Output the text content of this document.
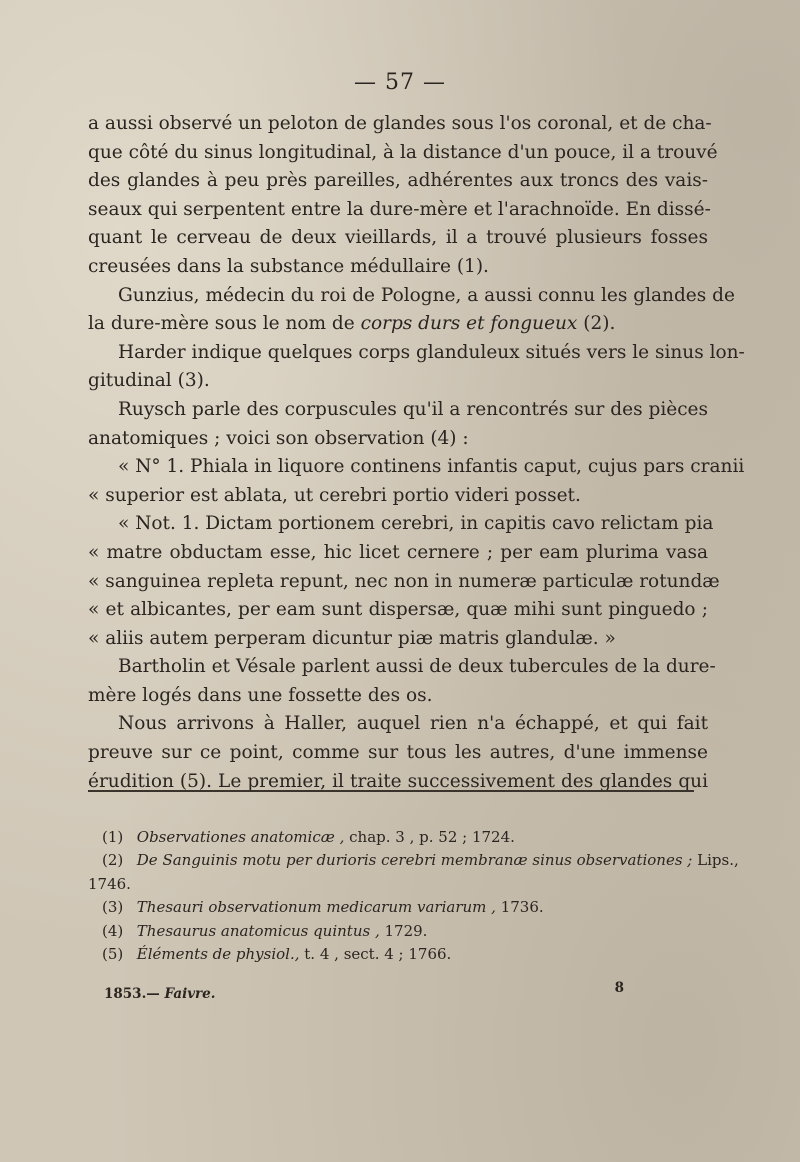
— 57 —
a aussi observé un peloton de glandes sous l'os coronal, et de cha-
que côté du sinus longitudinal, à la distance d'un pouce, il a trouvé
des glandes à peu près pareilles, adhérentes aux troncs des vais-
seaux qui serpentent entre la dure-mère et l'arachnoïde. En dissé-
quant le cerveau de deux vieillards, il a trouvé plusieurs fosses
creusées dans la substance médullaire (1).
Gunzius, médecin du roi de Pologne, a aussi connu les glandes de
la dure-mère sous le nom de corps durs et fongueux (2).
Harder indique quelques corps glanduleux situés vers le sinus lon-
gitudinal (3).
Ruysch parle des corpuscules qu'il a rencontrés sur des pièces
anatomiques ; voici son observation (4) :
« N° 1. Phiala in liquore continens infantis caput, cujus pars cranii
« superior est ablata, ut cerebri portio videri posset.
« Not. 1. Dictam portionem cerebri, in capitis cavo relictam pia
« matre obductam esse, hic licet cernere ; per eam plurima vasa
« sanguinea repleta repunt, nec non in numeræ particulæ rotundæ
« et albicantes, per eam sunt dispersæ, quæ mihi sunt pinguedo ;
« aliis autem perperam dicuntur piæ matris glandulæ. »
Bartholin et Vésale parlent aussi de deux tubercules de la dure-
mère logés dans une fossette des os.
Nous arrivons à Haller, auquel rien n'a échappé, et qui fait
preuve sur ce point, comme sur tous les autres, d'une immense
érudition (5). Le premier, il traite successivement des glandes qui
(1) Observationes anatomicæ , chap. 3 , p. 52 ; 1724.
(2) De Sanguinis motu per durioris cerebri membranæ sinus observationes ; Lips.,
1746.
(3) Thesauri observationum medicarum variarum , 1736.
(4) Thesaurus anatomicus quintus , 1729.
(5) Éléments de physiol., t. 4 , sect. 4 ; 1766.
1853.— Faivre.	8
